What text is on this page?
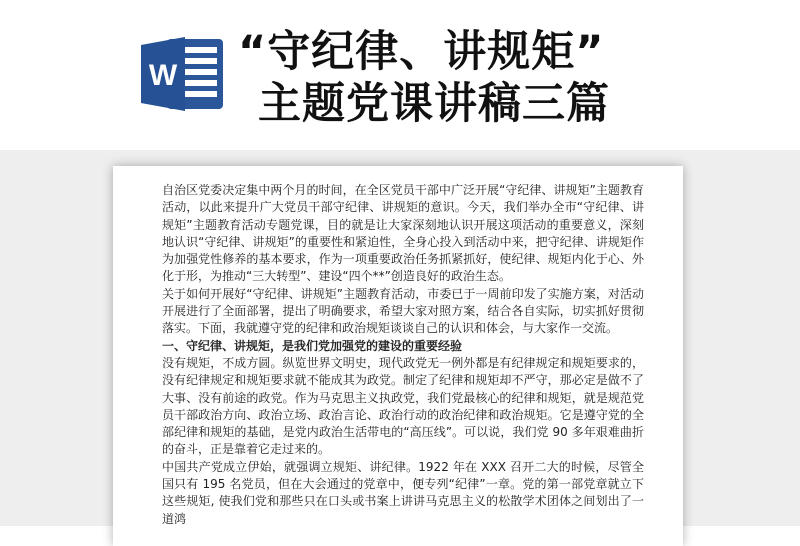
W “守纪律、讲规矩”
主题党课讲稿三篇

自治区党委决定集中两个月的时间，在全区党员干部中广泛开展“守纪律、讲规矩”主题教育活动，以此来提升广大党员干部守纪律、讲规矩的意识。今天，我们举办全市“守纪律、讲规矩”主题教育活动专题党课，目的就是让大家深刻地认识开展这项活动的重要意义，深刻地认识“守纪律、讲规矩”的重要性和紧迫性，全身心投入到活动中来，把守纪律、讲规矩作为加强党性修养的基本要求，作为一项重要政治任务抓紧抓好，使纪律、规矩内化于心、外化于形，为推动“三大转型”、建设“四个**”创造良好的政治生态。

关于如何开展好“守纪律、讲规矩”主题教育活动，市委已于一周前印发了实施方案，对活动开展进行了全面部署，提出了明确要求，希望大家对照方案，结合各自实际，切实抓好贯彻落实。下面，我就遵守党的纪律和政治规矩谈谈自己的认识和体会，与大家作一交流。

一、守纪律、讲规矩，是我们党加强党的建设的重要经验

没有规矩，不成方圆。纵览世界文明史，现代政党无一例外都是有纪律规定和规矩要求的，没有纪律规定和规矩要求就不能成其为政党。制定了纪律和规矩却不严守，那必定是做不了大事、没有前途的政党。作为马克思主义执政党，我们党最核心的纪律和规矩，就是规范党员干部政治方向、政治立场、政治言论、政治行动的政治纪律和政治规矩。它是遵守党的全部纪律和规矩的基础，是党内政治生活带电的“高压线”。可以说，我们党 90 多年艰难曲折的奋斗，正是靠着它走过来的。

中国共产党成立伊始，就强调立规矩、讲纪律。1922 年在 XXX 召开二大的时候，尽管全国只有 195 名党员，但在大会通过的党章中，便专列“纪律”一章。党的第一部党章就立下这些规矩, 使我们党和那些只在口头或书案上讲讲马克思主义的松散学术团体之间划出了一道鸿
